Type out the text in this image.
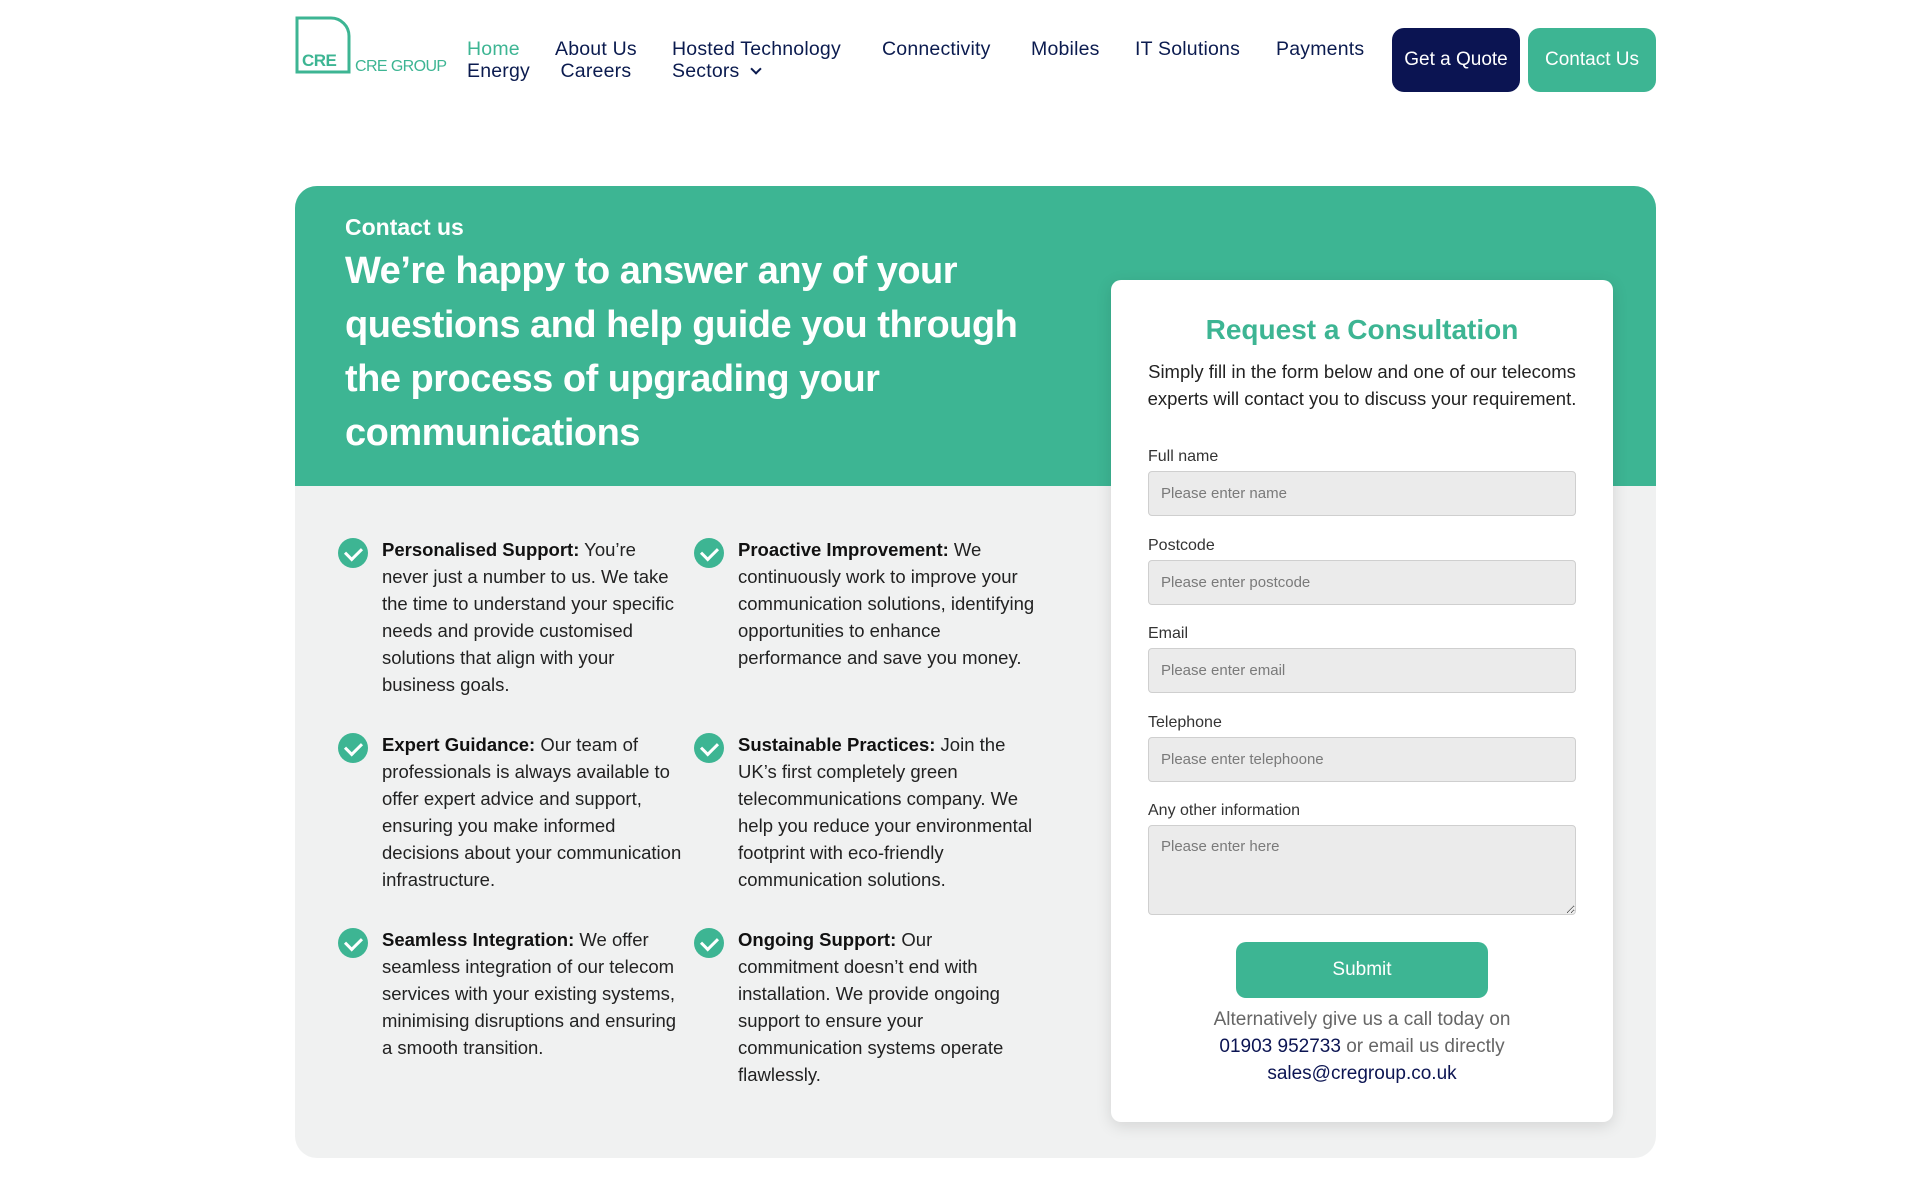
CRE CRE GROUP
Home
Energy
About Us
Careers
Hosted Technology
Sectors
Connectivity Mobiles IT Solutions Payments	Get a Quote	Contact Us
Contact us
We’re happy to answer any of your questions and help guide you through the process of upgrading your communications
Personalised Support: You’re never just a number to us. We take the time to understand your specific needs and provide customised solutions that align with your business goals.
Proactive Improvement: We continuously work to improve your communication solutions, identifying opportunities to enhance performance and save you money.
Expert Guidance: Our team of professionals is always available to offer expert advice and support, ensuring you make informed decisions about your communication infrastructure.
Sustainable Practices: Join the UK’s first completely green telecommunications company. We help you reduce your environmental footprint with eco-friendly communication solutions.
Seamless Integration: We offer seamless integration of our telecom services with your existing systems, minimising disruptions and ensuring a smooth transition.
Ongoing Support: Our commitment doesn’t end with installation. We provide ongoing support to ensure your communication systems operate flawlessly.
Request a Consultation

Simply fill in the form below and one of our telecoms experts will contact you to discuss your requirement.

Full name
Please enter name
Postcode
Please enter postcode
Email
Please enter email
Telephone
Please enter telephoone
Any other information
Please enter here
Submit

Alternatively give us a call today on
01903 952733 or email us directly
sales@cregroup.co.uk
